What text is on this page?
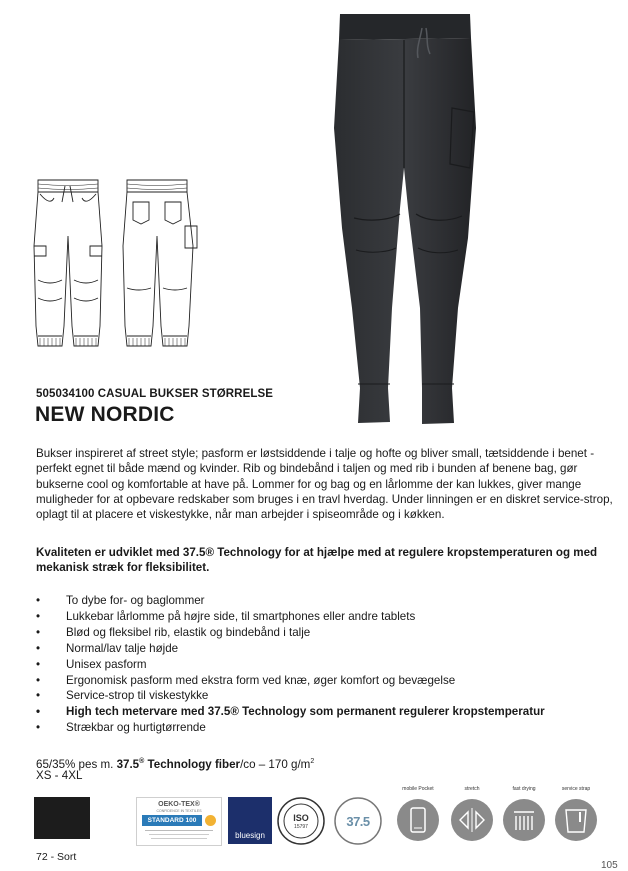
505034100 CASUAL BUKSER STØRRELSE
NEW NORDIC

Bukser inspireret af street style; pasform er løstsiddende i talje og hofte og bliver small, tætsiddende i benet - perfekt egnet til både mænd og kvinder. Rib og bindebånd i taljen og med rib i bunden af benene bag, gør bukserne cool og komfortable at have på. Lommer for og bag og en lårlomme der kan lukkes, giver mange muligheder for at opbevare redskaber som bruges i en travl hverdag. Under linningen er en diskret service-strop, oplagt til at placere et viskestykke, når man arbejder i spiseområde og i køkken.

Kvaliteten er udviklet med 37.5® Technology for at hjælpe med at regulere kropstemperaturen og med mekanisk stræk for fleksibilitet.

• To dybe for- og baglommer
• Lukkebar lårlomme på højre side, til smartphones eller andre tablets
• Blød og fleksibel rib, elastik og bindebånd i talje
• Normal/lav talje højde
• Unisex pasform
• Ergonomisk pasform med ekstra form ved knæ, øger komfort og bevægelse
• Service-strop til viskestykke
• High tech metervare med 37.5® Technology som permanent regulerer kropstemperatur
• Strækbar og hurtigtørrende
65/35% pes m. 37.5® Technology fiber/co – 170 $g/m^2$
XS - 4XL
72 - Sort
OEKO-TEX®
CONFIDENCE IN TEXTILES
STANDARD 100
bluesign
ISO
15797	37.5
mobile Pocket	stretch	fast drying	service strap
105
